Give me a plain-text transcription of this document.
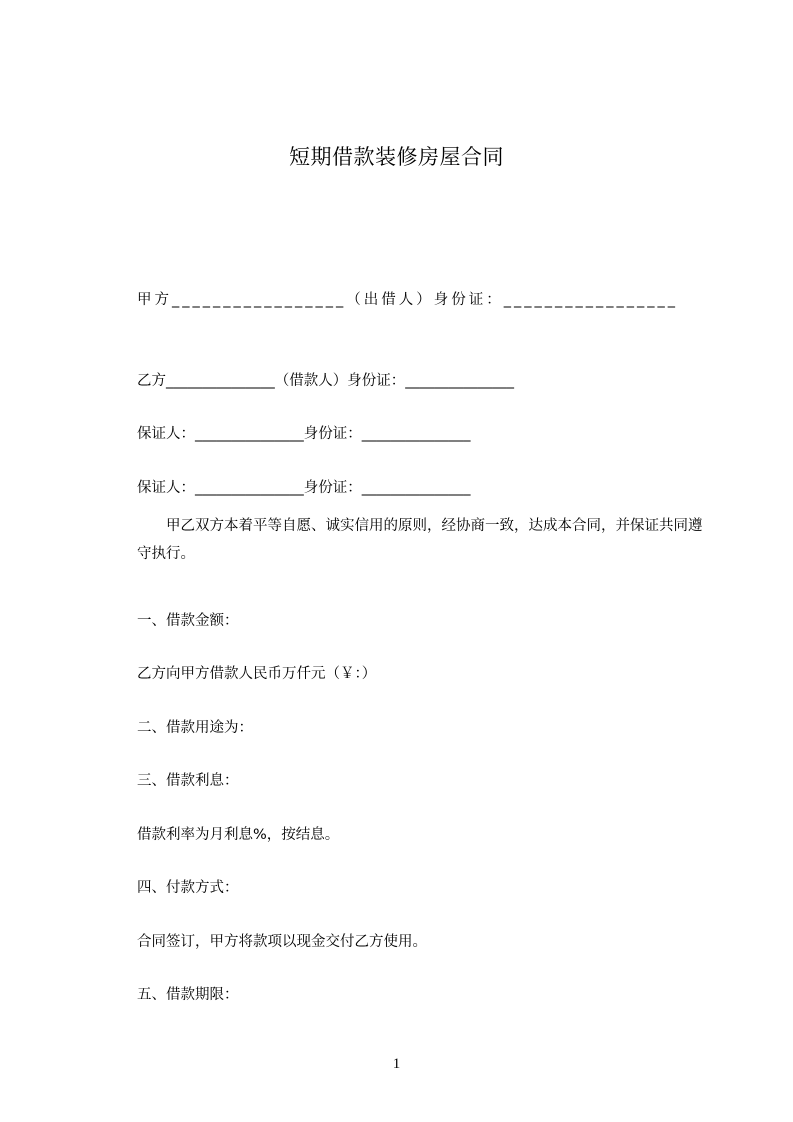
短期借款装修房屋合同
甲方_________________（出借人）身份证：_________________
乙方_______________（借款人）身份证：_______________
保证人：_______________身份证：_______________
保证人：_______________身份证：_______________
甲乙双方本着平等自愿、诚实信用的原则，经协商一致，达成本合同，并保证共同遵守执行。
一、借款金额：
乙方向甲方借款人民币万仟元（￥：）
二、借款用途为：
三、借款利息：
借款利率为月利息%，按结息。
四、付款方式：
合同签订，甲方将款项以现金交付乙方使用。
五、借款期限：
1
